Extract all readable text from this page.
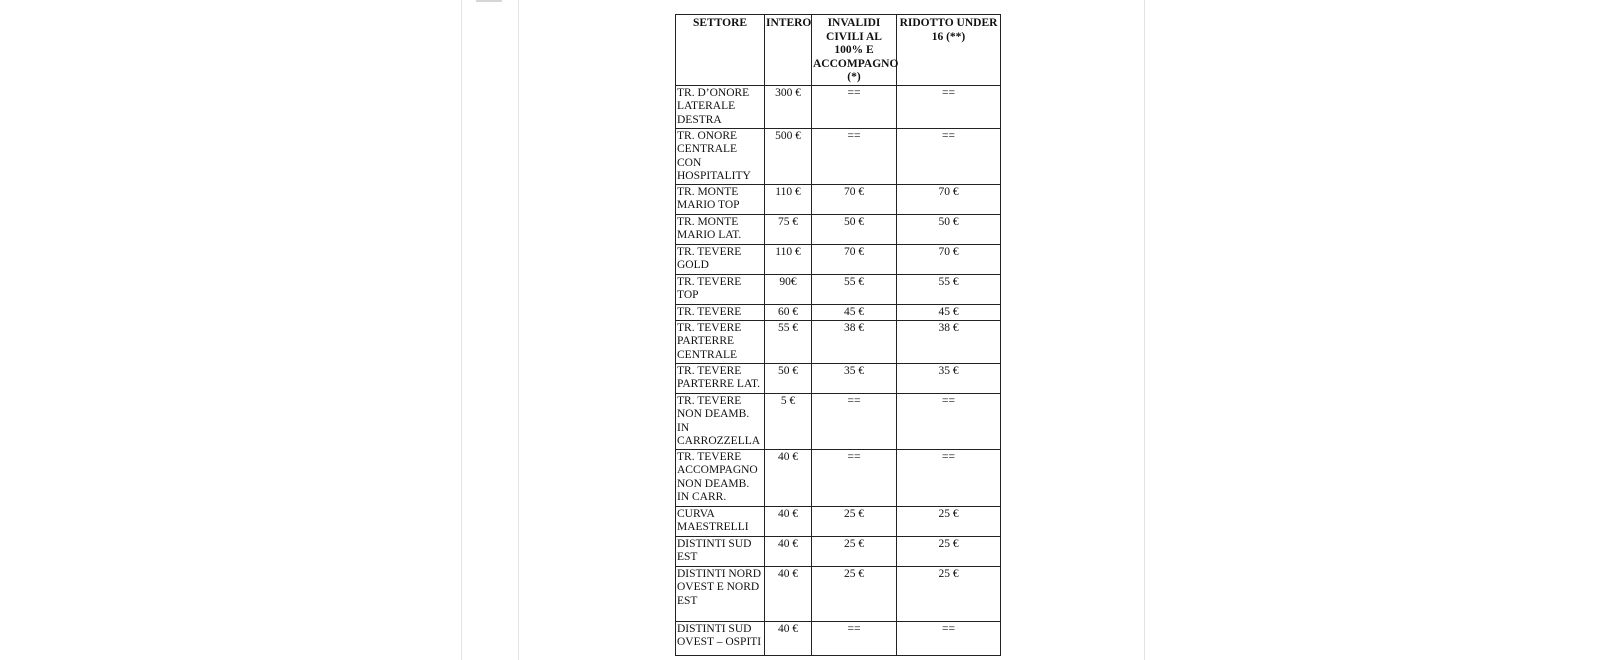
SETTORE	INTERO	INVALIDI CIVILI AL 100% E ACCOMPAGNO (*)	RIDOTTO UNDER 16 (**)
TR. D’ONORE LATERALE DESTRA	300 €	==	==
TR. ONORE CENTRALE CON HOSPITALITY	500 €	==	==
TR. MONTE MARIO TOP	110 €	70 €	70 €
TR. MONTE MARIO LAT.	75 €	50 €	50 €
TR. TEVERE GOLD	110 €	70 €	70 €
TR. TEVERE TOP	90€	55 €	55 €
TR. TEVERE	60 €	45 €	45 €
TR. TEVERE PARTERRE CENTRALE	55 €	38 €	38 €
TR. TEVERE PARTERRE LAT.	50 €	35 €	35 €
TR. TEVERE NON DEAMB. IN CARROZZELLA	5 €	==	==
TR. TEVERE ACCOMPAGNO NON DEAMB. IN CARR.	40 €	==	==
CURVA MAESTRELLI	40 €	25 €	25 €
DISTINTI SUD EST	40 €	25 €	25 €
DISTINTI NORD OVEST E NORD EST	40 €	25 €	25 €
DISTINTI SUD OVEST – OSPITI	40 €	==	==
